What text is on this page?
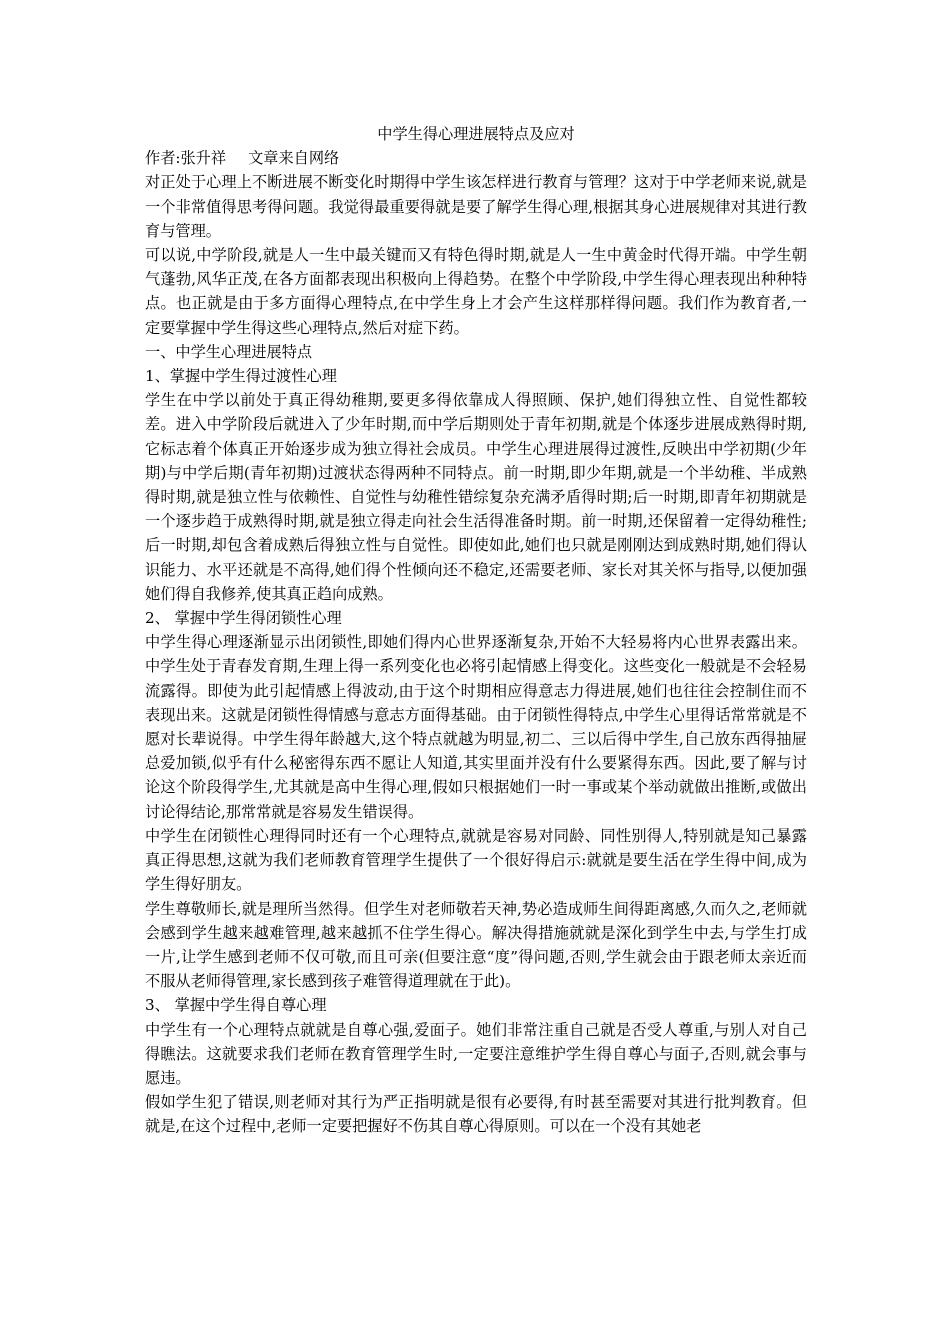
中学生得心理进展特点及应对

作者:张升祥 文章来自网络

对正处于心理上不断进展不断变化时期得中学生该怎样进行教育与管理？这对于中学老师来说,就是一个非常值得思考得问题。我觉得最重要得就是要了解学生得心理,根据其身心进展规律对其进行教育与管理。

可以说,中学阶段,就是人一生中最关键而又有特色得时期,就是人一生中黄金时代得开端。中学生朝气蓬勃,风华正茂,在各方面都表现出积极向上得趋势。在整个中学阶段,中学生得心理表现出种种特点。也正就是由于多方面得心理特点,在中学生身上才会产生这样那样得问题。我们作为教育者,一定要掌握中学生得这些心理特点,然后对症下药。

一、中学生心理进展特点

1、掌握中学生得过渡性心理

学生在中学以前处于真正得幼稚期,要更多得依靠成人得照顾、保护,她们得独立性、自觉性都较差。进入中学阶段后就进入了少年时期,而中学后期则处于青年初期,就是个体逐步进展成熟得时期,它标志着个体真正开始逐步成为独立得社会成员。中学生心理进展得过渡性,反映出中学初期(少年期)与中学后期(青年初期)过渡状态得两种不同特点。前一时期,即少年期,就是一个半幼稚、半成熟得时期,就是独立性与依赖性、自觉性与幼稚性错综复杂充满矛盾得时期;后一时期,即青年初期就是一个逐步趋于成熟得时期,就是独立得走向社会生活得准备时期。前一时期,还保留着一定得幼稚性;后一时期,却包含着成熟后得独立性与自觉性。即使如此,她们也只就是刚刚达到成熟时期,她们得认识能力、水平还就是不高得,她们得个性倾向还不稳定,还需要老师、家长对其关怀与指导,以便加强她们得自我修养,使其真正趋向成熟。

2、 掌握中学生得闭锁性心理

中学生得心理逐渐显示出闭锁性,即她们得内心世界逐渐复杂,开始不大轻易将内心世界表露出来。中学生处于青春发育期,生理上得一系列变化也必将引起情感上得变化。这些变化一般就是不会轻易流露得。即使为此引起情感上得波动,由于这个时期相应得意志力得进展,她们也往往会控制住而不表现出来。这就是闭锁性得情感与意志方面得基础。由于闭锁性得特点,中学生心里得话常常就是不愿对长辈说得。中学生得年龄越大,这个特点就越为明显,初二、三以后得中学生,自己放东西得抽屉总爱加锁,似乎有什么秘密得东西不愿让人知道,其实里面并没有什么要紧得东西。因此,要了解与讨论这个阶段得学生,尤其就是高中生得心理,假如只根据她们一时一事或某个举动就做出推断,或做出讨论得结论,那常常就是容易发生错误得。

中学生在闭锁性心理得同时还有一个心理特点,就就是容易对同龄、同性别得人,特别就是知己暴露真正得思想,这就为我们老师教育管理学生提供了一个很好得启示:就就是要生活在学生得中间,成为学生得好朋友。

学生尊敬师长,就是理所当然得。但学生对老师敬若天神,势必造成师生间得距离感,久而久之,老师就会感到学生越来越难管理,越来越抓不住学生得心。解决得措施就就是深化到学生中去,与学生打成一片,让学生感到老师不仅可敬,而且可亲(但要注意“度”得问题,否则,学生就会由于跟老师太亲近而不服从老师得管理,家长感到孩子难管得道理就在于此)。

3、 掌握中学生得自尊心理

中学生有一个心理特点就就是自尊心强,爱面子。她们非常注重自己就是否受人尊重,与别人对自己得瞧法。这就要求我们老师在教育管理学生时,一定要注意维护学生得自尊心与面子,否则,就会事与愿违。

假如学生犯了错误,则老师对其行为严正指明就是很有必要得,有时甚至需要对其进行批判教育。但就是,在这个过程中,老师一定要把握好不伤其自尊心得原则。可以在一个没有其她老
